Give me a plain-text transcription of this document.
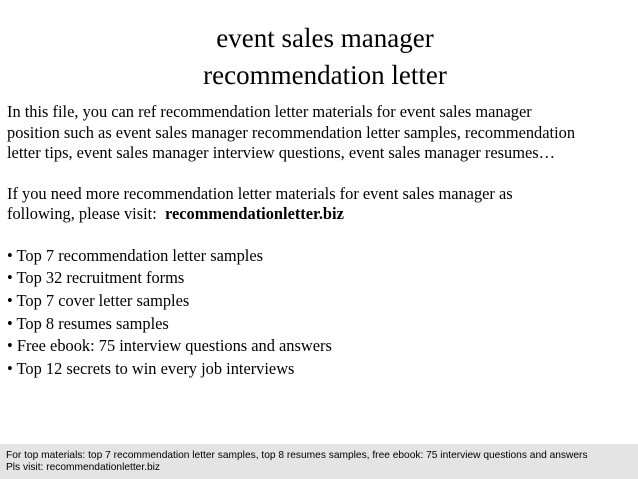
event sales manager
recommendation letter

In this file, you can ref recommendation letter materials for event sales manager
position such as event sales manager recommendation letter samples, recommendation
letter tips, event sales manager interview questions, event sales manager resumes…

If you need more recommendation letter materials for event sales manager as
following, please visit:  recommendationletter.biz

• Top 7 recommendation letter samples
• Top 32 recruitment forms
• Top 7 cover letter samples
• Top 8 resumes samples
• Free ebook: 75 interview questions and answers
• Top 12 secrets to win every job interviews
For top materials: top 7 recommendation letter samples, top 8 resumes samples, free ebook: 75 interview questions and answers
Pls visit: recommendationletter.biz
